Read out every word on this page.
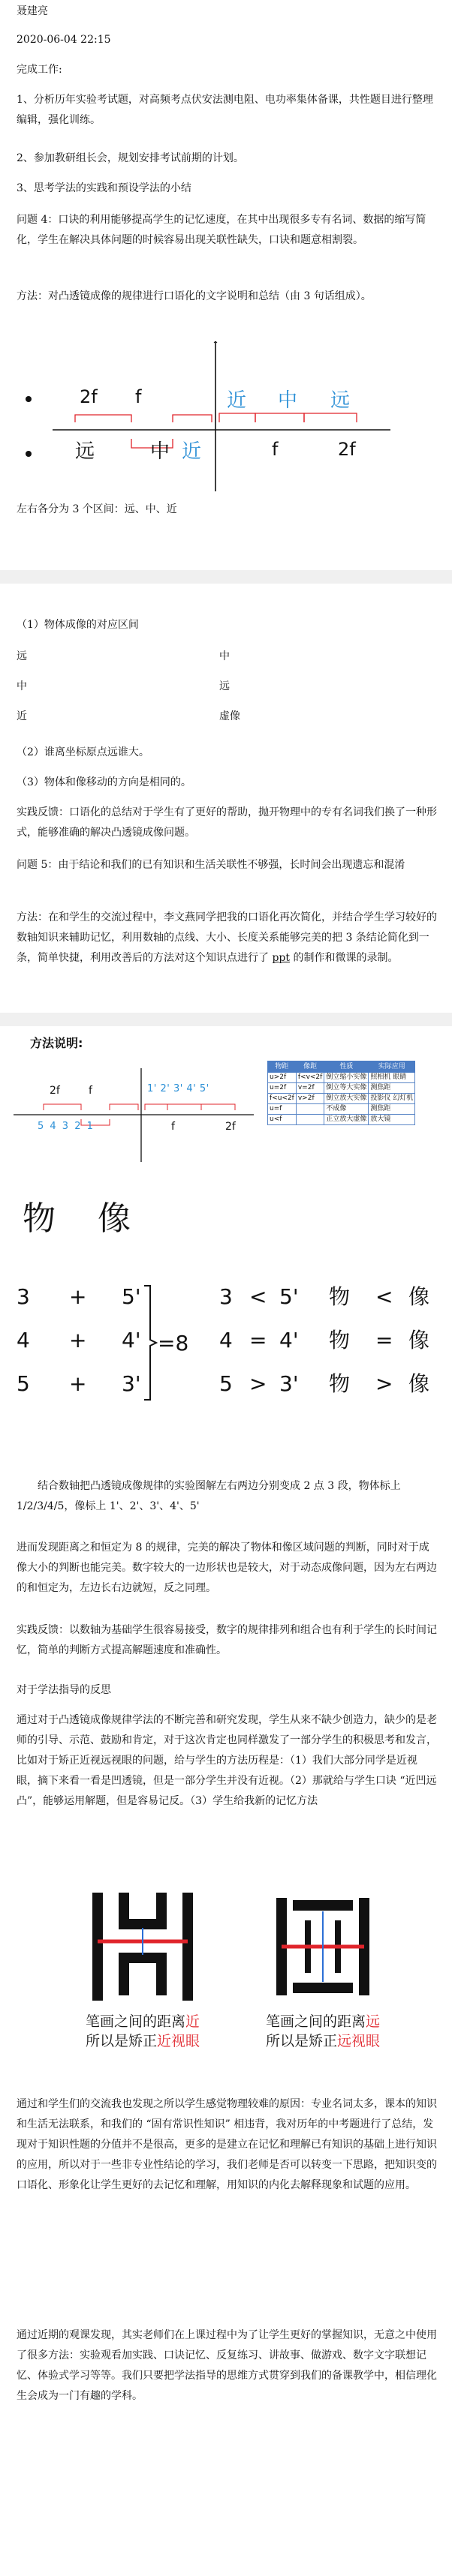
聂建亮
2020-06-04 22:15
完成工作:
1、分析历年实验考试题，对高频考点伏安法测电阻、电功率集体备课，共性题目进行整理编辑，强化训练。
2、参加教研组长会，规划安排考试前期的计划。
3、思考学法的实践和预设学法的小结
问题 4：口诀的利用能够提高学生的记忆速度，在其中出现很多专有名词、数据的缩写简化，学生在解决具体问题的时候容易出现关联性缺失，口诀和题意相割裂。
方法：对凸透镜成像的规律进行口语化的文字说明和总结（由 3 句话组成）。
2f f	近 中 远
远	中 近	f	2f
左右各分为 3 个区间：远、中、近
（1）物体成像的对应区间
远	中
中	远
近	虚像
（2）谁离坐标原点远谁大。
（3）物体和像移动的方向是相同的。
实践反馈：口语化的总结对于学生有了更好的帮助，抛开物理中的专有名词我们换了一种形式，能够准确的解决凸透镜成像问题。
问题 5：由于结论和我们的已有知识和生活关联性不够强，长时间会出现遗忘和混淆
方法：在和学生的交流过程中，李文燕同学把我的口语化再次简化，并结合学生学习较好的数轴知识来辅助记忆，利用数轴的点线、大小、长度关系能够完美的把 3 条结论简化到一条，简单快捷，利用改善后的方法对这个知识点进行了 ppt 的制作和微课的录制。
方法说明:
2f	f	1' 2' 3' 4' 5'
5 4 3 2 1	f	2f
物距	像距	性质	实际应用
u>2f	f<v<2f	倒立缩小实像	照相机 眼睛
u=2f	v=2f	倒立等大实像	测焦距
f<u<2f	v>2f	倒立放大实像	投影仪 幻灯机
u=f		不成像	测焦距
u<f		正立放大虚像	放大镜
物 像
3 + 5'
4 + 4'
5 + 3'
=8
3 < 5' 物 < 像
4 = 4' 物 = 像
5 > 3' 物 > 像
结合数轴把凸透镜成像规律的实验图解左右两边分别变成 2 点 3 段，物体标上 1/2/3/4/5，像标上 1'、2'、3'、4'、5'
进而发现距离之和恒定为 8 的规律，完美的解决了物体和像区域问题的判断，同时对于成像大小的判断也能完美。数字较大的一边形状也是较大，对于动态成像问题，因为左右两边的和恒定为，左边长右边就短，反之同理。
实践反馈：以数轴为基础学生很容易接受，数字的规律排列和组合也有利于学生的长时间记忆，简单的判断方式提高解题速度和准确性。
对于学法指导的反思
通过对于凸透镜成像规律学法的不断完善和研究发现，学生从来不缺少创造力，缺少的是老师的引导、示范、鼓励和肯定，对于这次肯定也同样激发了一部分学生的积极思考和发言，比如对于矫正近视远视眼的问题，给与学生的方法历程是：（1）我们大部分同学是近视眼，摘下来看一看是凹透镜，但是一部分学生并没有近视。（2）那就给与学生口诀 “近凹远凸”，能够运用解题，但是容易记反。（3）学生给我新的记忆方法
笔画之间的距离近
所以是矫正近视眼
笔画之间的距离远
所以是矫正远视眼
通过和学生们的交流我也发现之所以学生感觉物理较难的原因：专业名词太多，课本的知识和生活无法联系，和我们的 “固有常识性知识” 相违背，我对历年的中考题进行了总结，发现对于知识性题的分值并不是很高，更多的是建立在记忆和理解已有知识的基础上进行知识的应用，所以对于一些非专业性结论的学习，我们老师是否可以转变一下思路，把知识变的口语化、形象化让学生更好的去记忆和理解，用知识的内化去解释现象和试题的应用。
通过近期的观课发现，其实老师们在上课过程中为了让学生更好的掌握知识，无意之中使用了很多方法：实验观看加实践、口诀记忆、反复练习、讲故事、做游戏、数字文字联想记忆、体验式学习等等。我们只要把学法指导的思维方式贯穿到我们的备课教学中，相信理化生会成为一门有趣的学科。
